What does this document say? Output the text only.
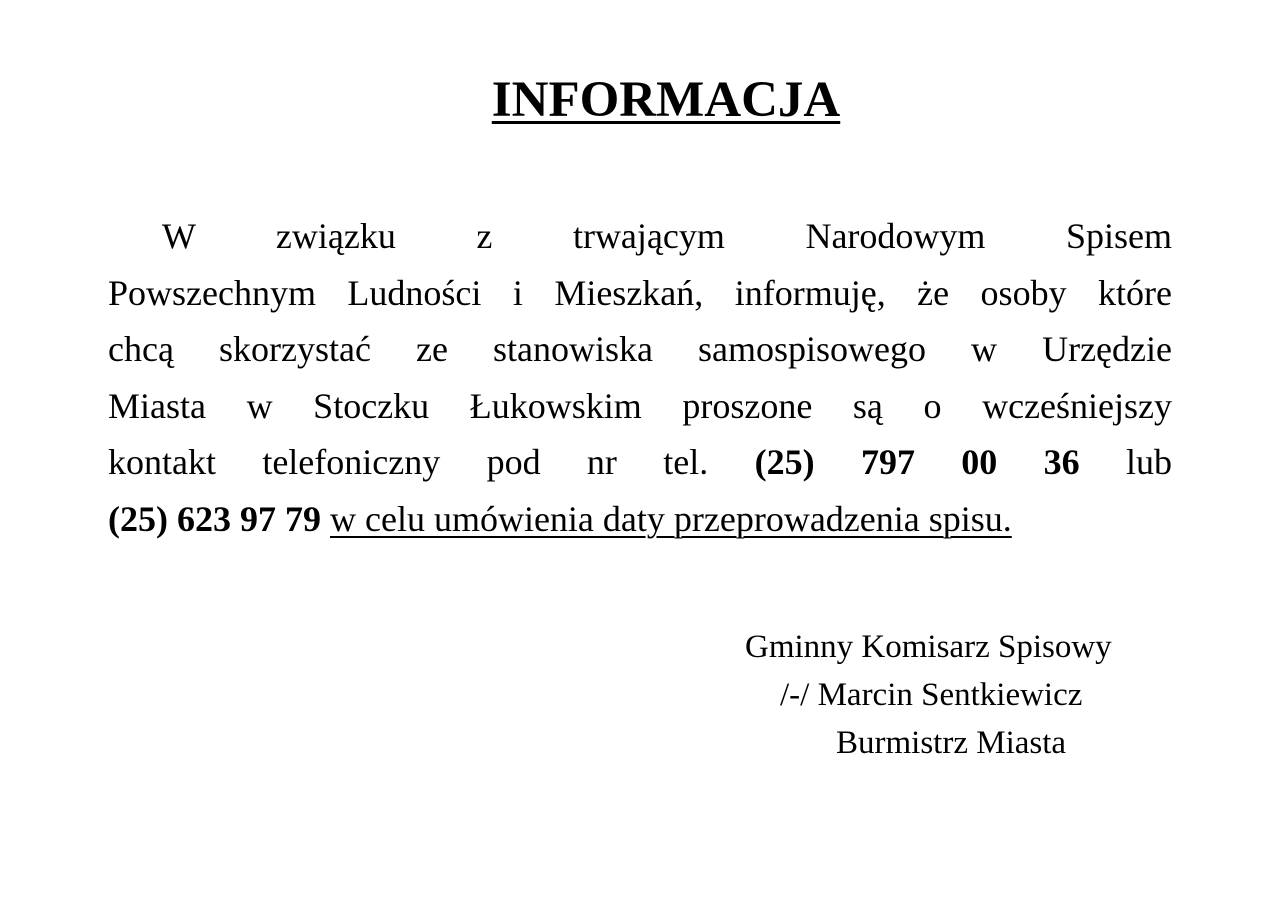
INFORMACJA
W związku z trwającym Narodowym Spisem
Powszechnym Ludności i Mieszkań, informuję, że osoby które
chcą skorzystać ze stanowiska samospisowego w Urzędzie
Miasta w Stoczku Łukowskim proszone są o wcześniejszy
kontakt telefoniczny pod nr tel. (25) 797 00 36 lub
(25) 623 97 79 w celu umówienia daty przeprowadzenia spisu.

Gminny Komisarz Spisowy

/-/ Marcin Sentkiewicz

Burmistrz Miasta
